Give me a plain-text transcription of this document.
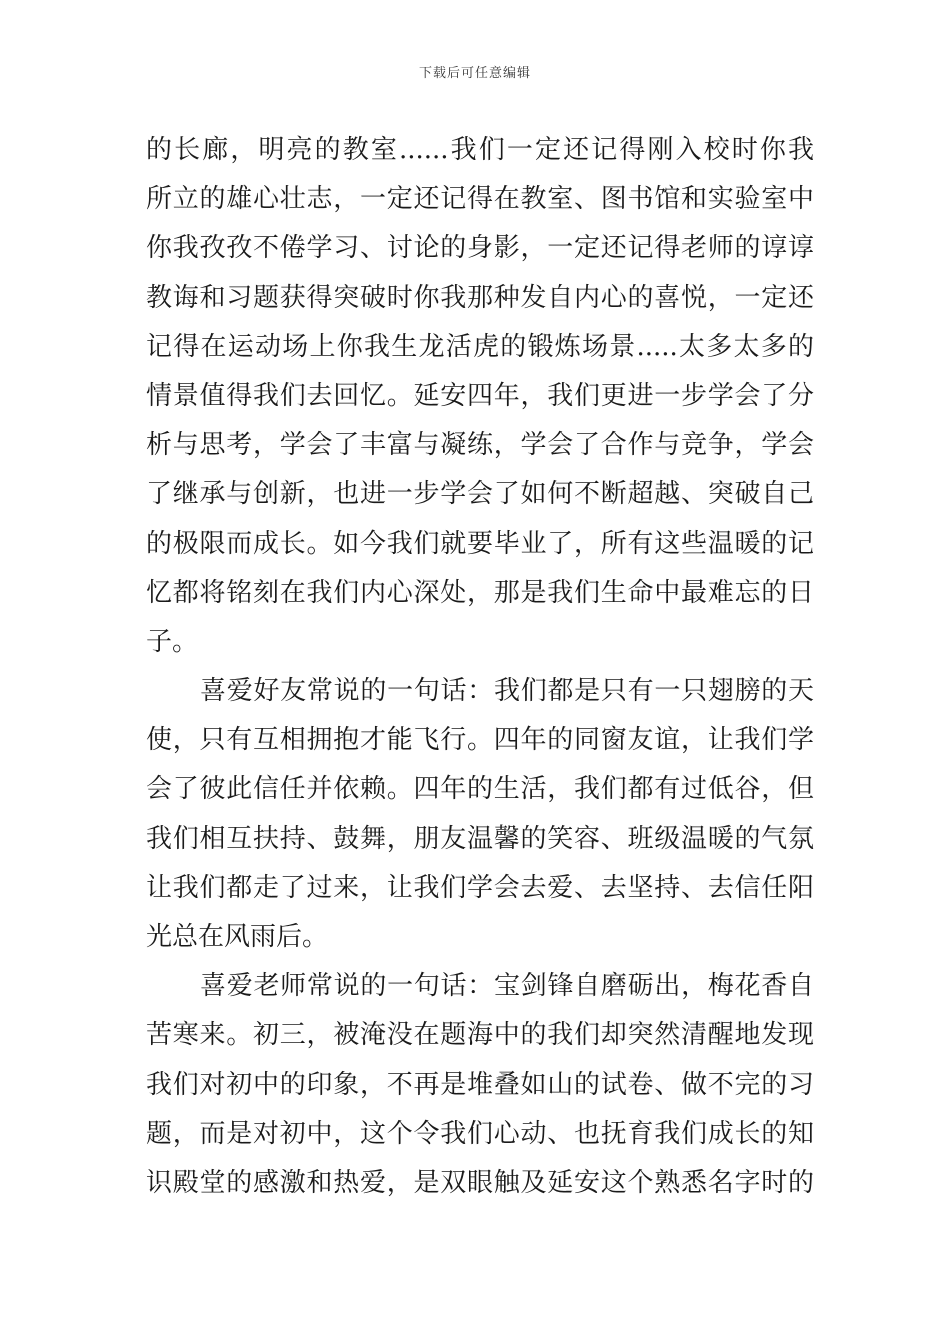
下载后可任意编辑
的长廊，明亮的教室......我们一定还记得刚入校时你我
所立的雄心壮志，一定还记得在教室、图书馆和实验室中
你我孜孜不倦学习、讨论的身影，一定还记得老师的谆谆
教诲和习题获得突破时你我那种发自内心的喜悦，一定还
记得在运动场上你我生龙活虎的锻炼场景.....太多太多的
情景值得我们去回忆。延安四年，我们更进一步学会了分
析与思考，学会了丰富与凝练，学会了合作与竞争，学会
了继承与创新，也进一步学会了如何不断超越、突破自己
的极限而成长。如今我们就要毕业了，所有这些温暖的记
忆都将铭刻在我们内心深处，那是我们生命中最难忘的日
子。
喜爱好友常说的一句话：我们都是只有一只翅膀的天
使，只有互相拥抱才能飞行。四年的同窗友谊，让我们学
会了彼此信任并依赖。四年的生活，我们都有过低谷，但
我们相互扶持、鼓舞，朋友温馨的笑容、班级温暖的气氛
让我们都走了过来，让我们学会去爱、去坚持、去信任阳
光总在风雨后。
喜爱老师常说的一句话：宝剑锋自磨砺出，梅花香自
苦寒来。初三，被淹没在题海中的我们却突然清醒地发现
我们对初中的印象，不再是堆叠如山的试卷、做不完的习
题，而是对初中，这个令我们心动、也抚育我们成长的知
识殿堂的感激和热爱，是双眼触及延安这个熟悉名字时的
